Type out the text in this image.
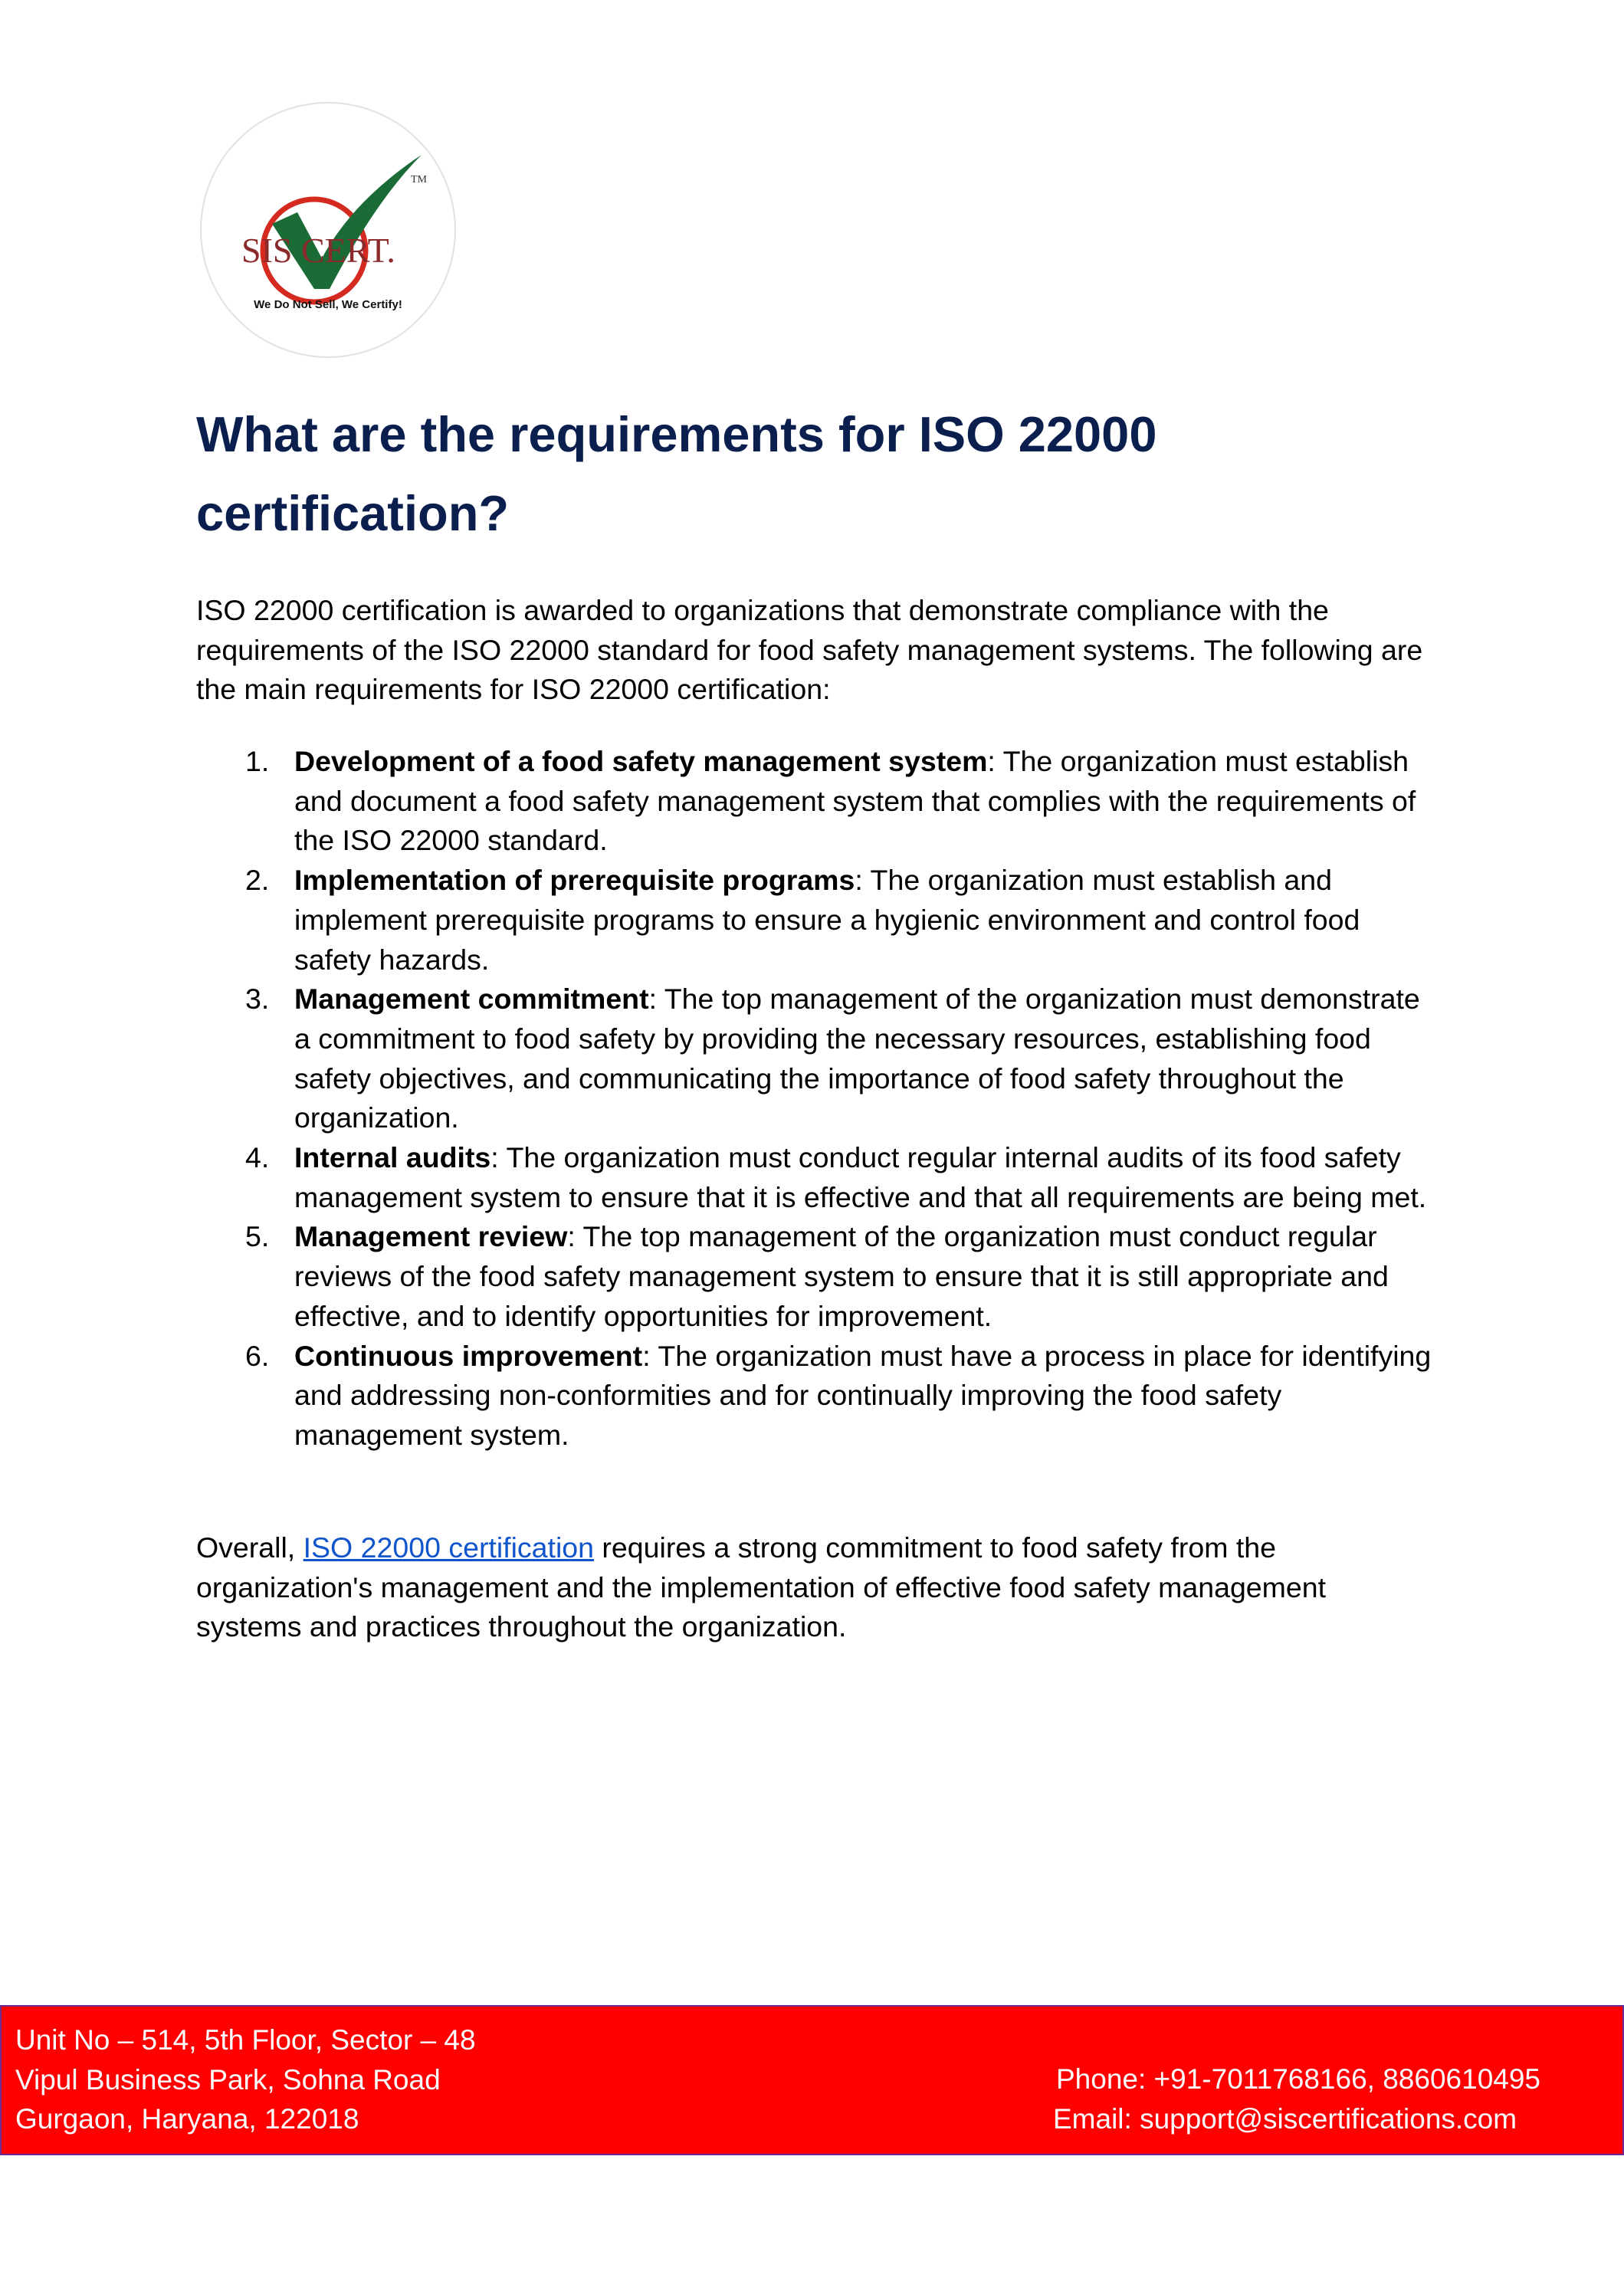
SIS CERT.
TM
We Do Not Sell, We Certify!
What are the requirements for ISO 22000 certification?

ISO 22000 certification is awarded to organizations that demonstrate compliance with the requirements of the ISO 22000 standard for food safety management systems. The following are the main requirements for ISO 22000 certification:

1. Development of a food safety management system: The organization must establish and document a food safety management system that complies with the requirements of the ISO 22000 standard.
2. Implementation of prerequisite programs: The organization must establish and implement prerequisite programs to ensure a hygienic environment and control food safety hazards.
3. Management commitment: The top management of the organization must demonstrate a commitment to food safety by providing the necessary resources, establishing food safety objectives, and communicating the importance of food safety throughout the organization.
4. Internal audits: The organization must conduct regular internal audits of its food safety management system to ensure that it is effective and that all requirements are being met.
5. Management review: The top management of the organization must conduct regular reviews of the food safety management system to ensure that it is still appropriate and effective, and to identify opportunities for improvement.
6. Continuous improvement: The organization must have a process in place for identifying and addressing non-conformities and for continually improving the food safety management system.

Overall, ISO 22000 certification requires a strong commitment to food safety from the organization's management and the implementation of effective food safety management systems and practices throughout the organization.

Unit No – 514, 5th Floor, Sector – 48
Vipul Business Park, Sohna Road
Gurgaon, Haryana, 122018
Phone: +91-7011768166, 8860610495
Email: support@siscertifications.com
